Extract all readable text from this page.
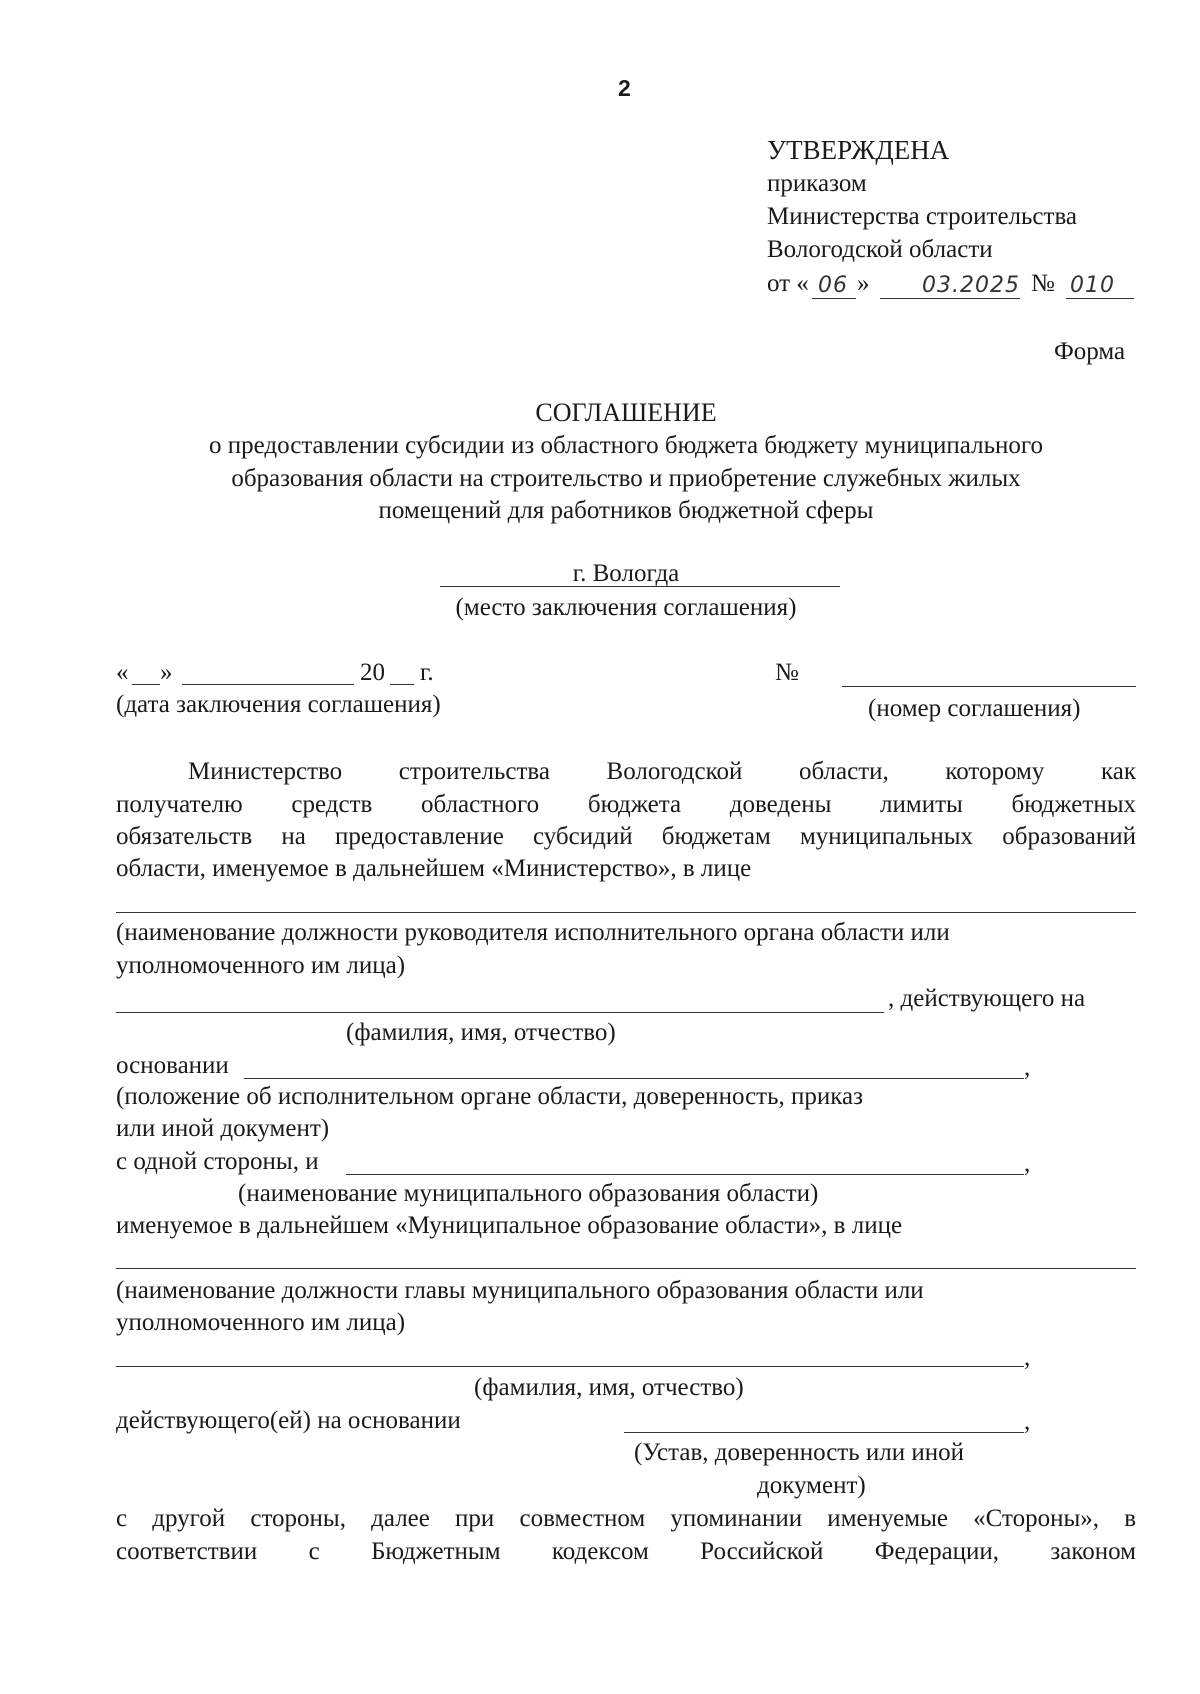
2
УТВЕРЖДЕНА
приказом
Министерства строительства
Вологодской области
от « 06 » 03.2025 № 010
Форма
СОГЛАШЕНИЕ
о предоставлении субсидии из областного бюджета бюджету муниципального
образования области на строительство и приобретение служебных жилых
помещений для работников бюджетной сферы
г. Вологда
(место заключения соглашения)
« »	20 г.
(дата заключения соглашения)
№
(номер соглашения)
Министерство строительства Вологодской области, которому как
получателю средств областного бюджета доведены лимиты бюджетных
обязательств на предоставление субсидий бюджетам муниципальных образований
области, именуемое в дальнейшем «Министерство», в лице
(наименование должности руководителя исполнительного органа области или
уполномоченного им лица)
, действующего на
(фамилия, имя, отчество)
основании	,
(положение об исполнительном органе области, доверенность, приказ
или иной документ)
с одной стороны, и	,
(наименование муниципального образования области)
именуемое в дальнейшем «Муниципальное образование области», в лице
(наименование должности главы муниципального образования области или
уполномоченного им лица)
,
(фамилия, имя, отчество)
действующего(ей) на основании	,
(Устав, доверенность или иной
документ)
с другой стороны, далее при совместном упоминании именуемые «Стороны», в
соответствии с Бюджетным кодексом Российской Федерации, законом
